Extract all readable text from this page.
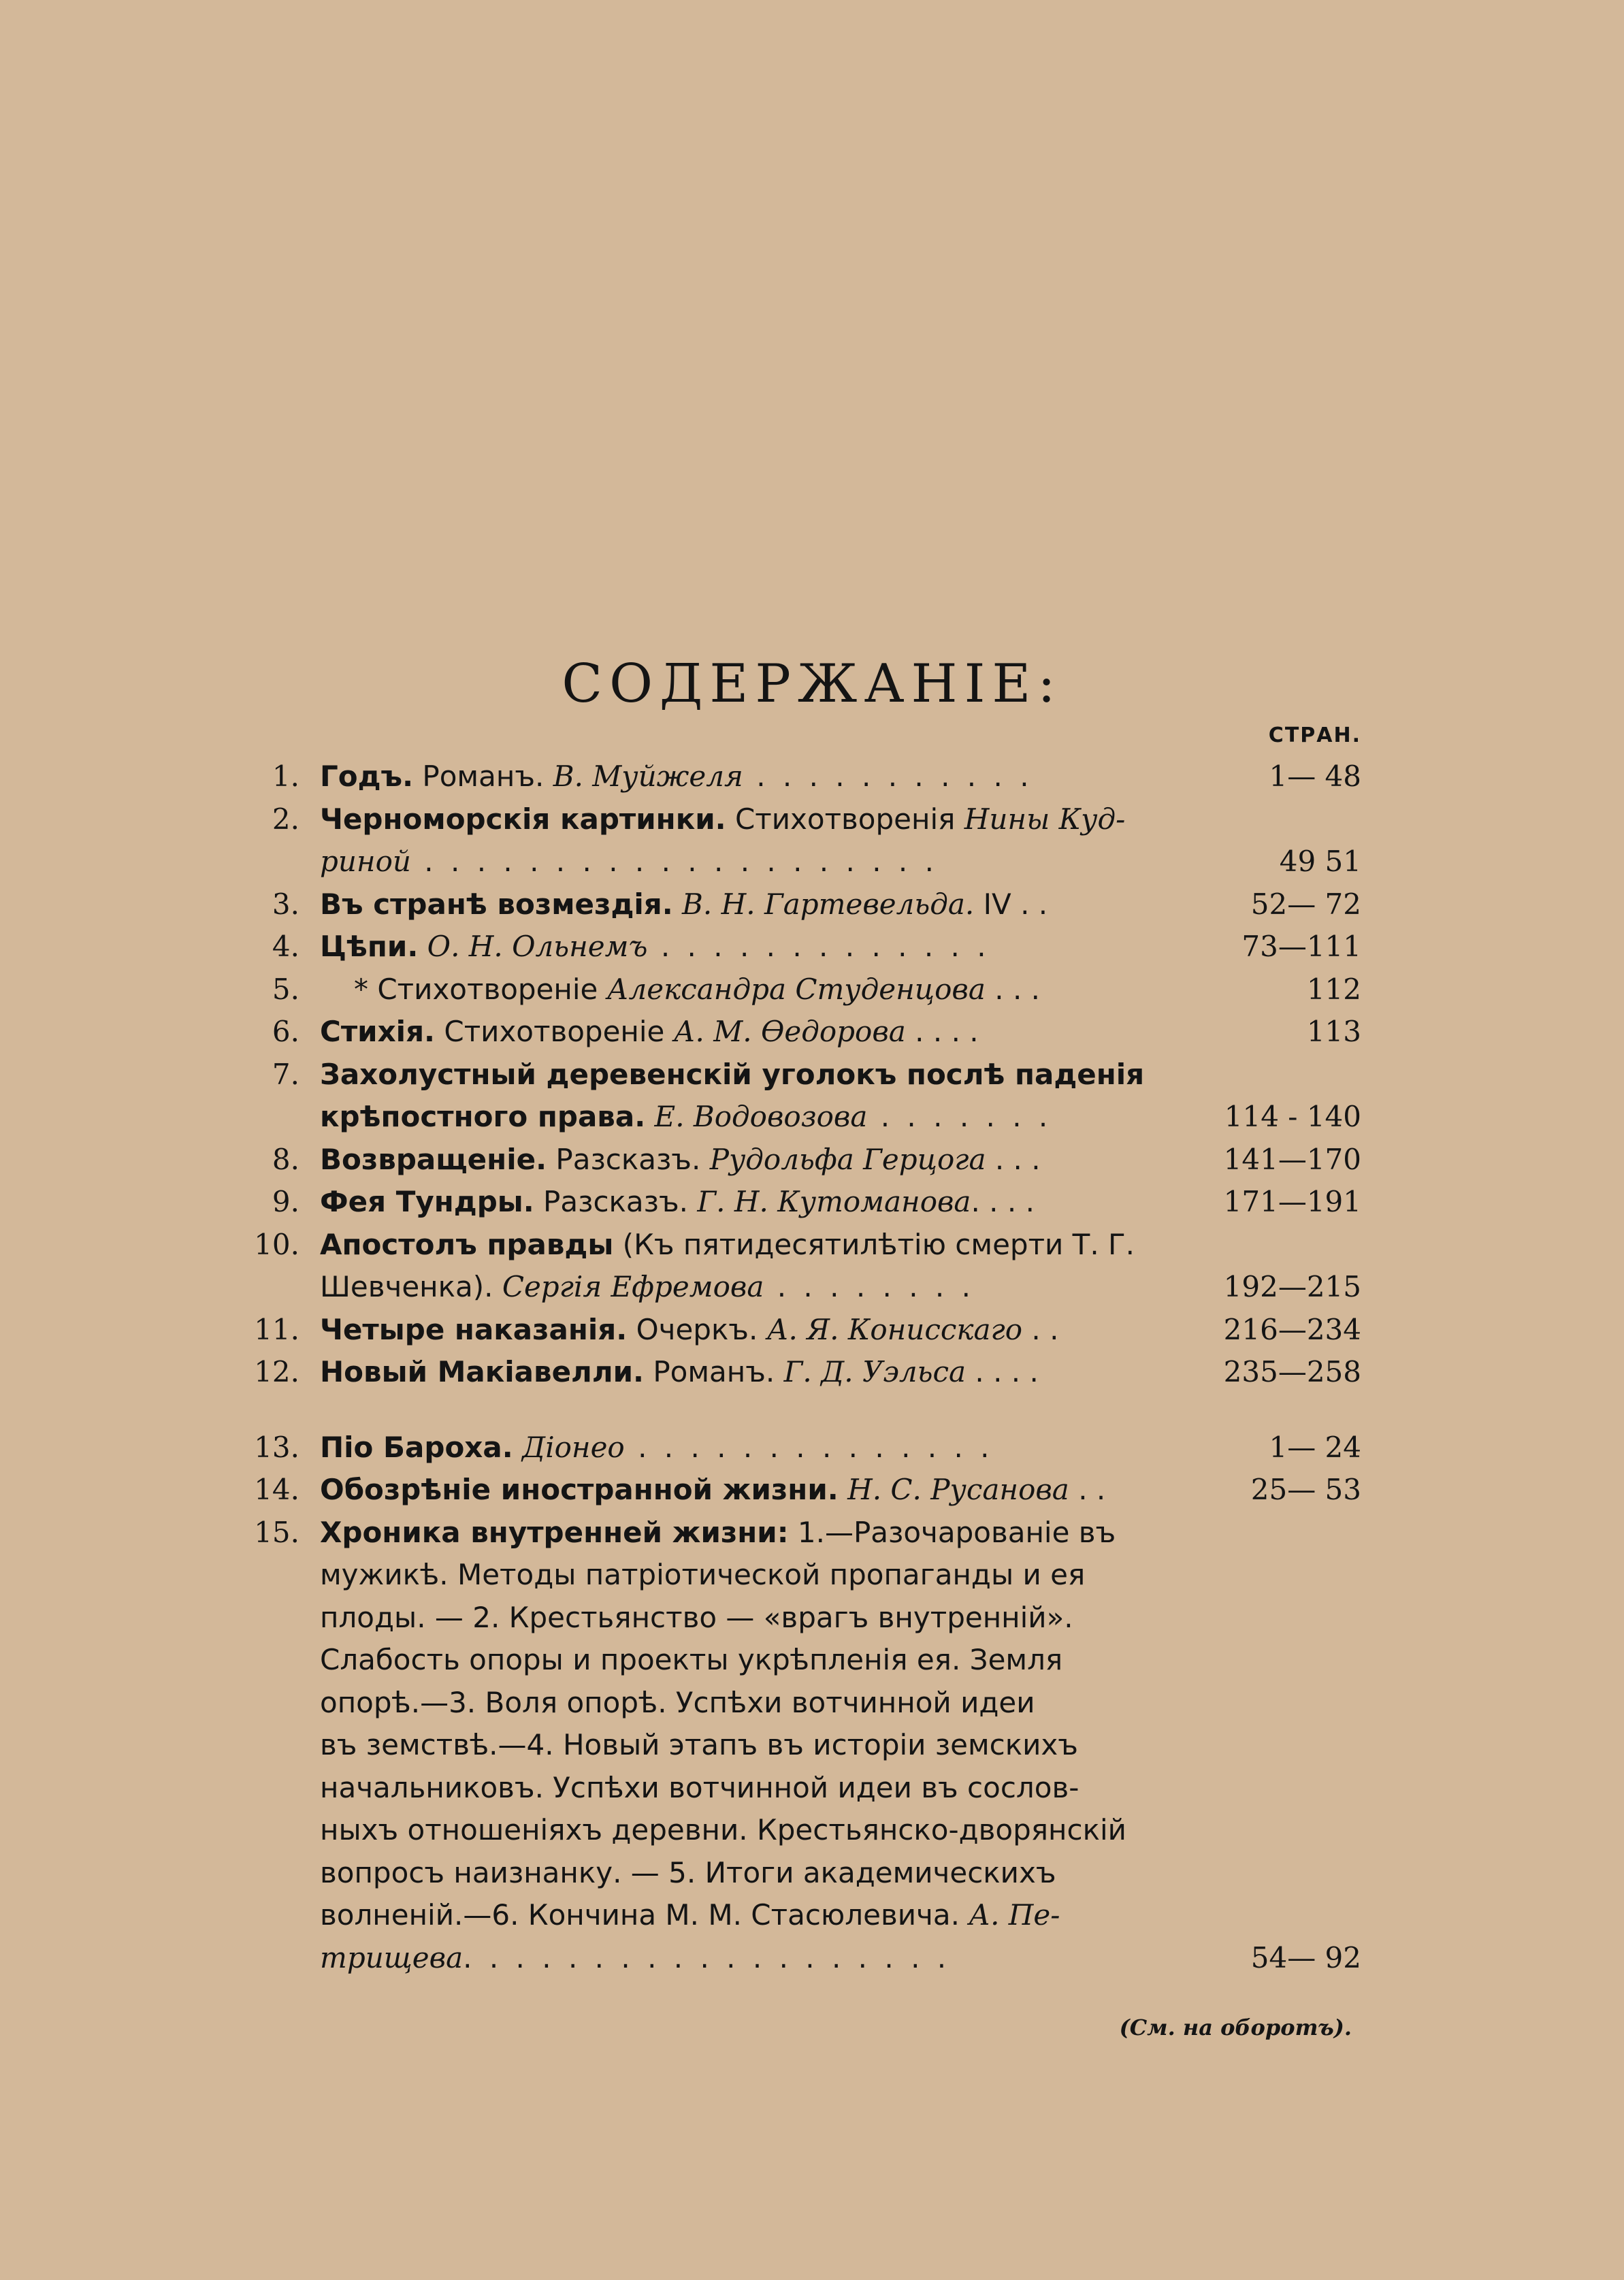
СОДЕРЖАНІЕ:
СТРАН.
1. Годъ. Романъ. В. Муйжеля . . . . . . . . . . .	1— 48
2. Черноморскія картинки. Стихотворенія Нины Куд-
риной . . . . . . . . . . . . . . . . . . . .	49 51
3. Въ странѣ возмездія. В. Н. Гартевельда. IV . .	52— 72
4. Цѣпи. О. Н. Ольнемъ . . . . . . . . . . . . .	73—111
5. * Стихотвореніе Александра Студенцова . . .	112
6. Стихія. Стихотвореніе А. М. Өедорова . . . .	113
7. Захолустный деревенскій уголокъ послѣ паденія
крѣпостного права. Е. Водовозова . . . . . . .	114 - 140
8. Возвращеніе. Разсказъ. Рудольфа Герцога . . .	141—170
9. Фея Тундры. Разсказъ. Г. Н. Кутоманова. . . .	171—191
10. Апостолъ правды (Къ пятидесятилѣтію смерти Т. Г.
Шевченка). Сергія Ефремова . . . . . . . .	192—215
11. Четыре наказанія. Очеркъ. А. Я. Конисскаго . .	216—234
12. Новый Макіавелли. Романъ. Г. Д. Уэльса . . . .	235—258
13. Піо Бароха. Діонео . . . . . . . . . . . . . .	1— 24
14. Обозрѣніе иностранной жизни. Н. С. Русанова . .	25— 53
15. Хроника внутренней жизни: 1.—Разочарованіе въ
мужикѣ. Методы патріотической пропаганды и ея
плоды. — 2. Крестьянство — «врагъ внутренній».
Слабость опоры и проекты укрѣпленія ея. Земля
опорѣ.—3. Воля опорѣ. Успѣхи вотчинной идеи
въ земствѣ.—4. Новый этапъ въ исторіи земскихъ
начальниковъ. Успѣхи вотчинной идеи въ сослов-
ныхъ отношеніяхъ деревни. Крестьянско-дворянскій
вопросъ наизнанку. — 5. Итоги академическихъ
волненій.—6. Кончина М. М. Стасюлевича. А. Пе-
трищева. . . . . . . . . . . . . . . . . . .	54— 92
(См. на оборотъ).
